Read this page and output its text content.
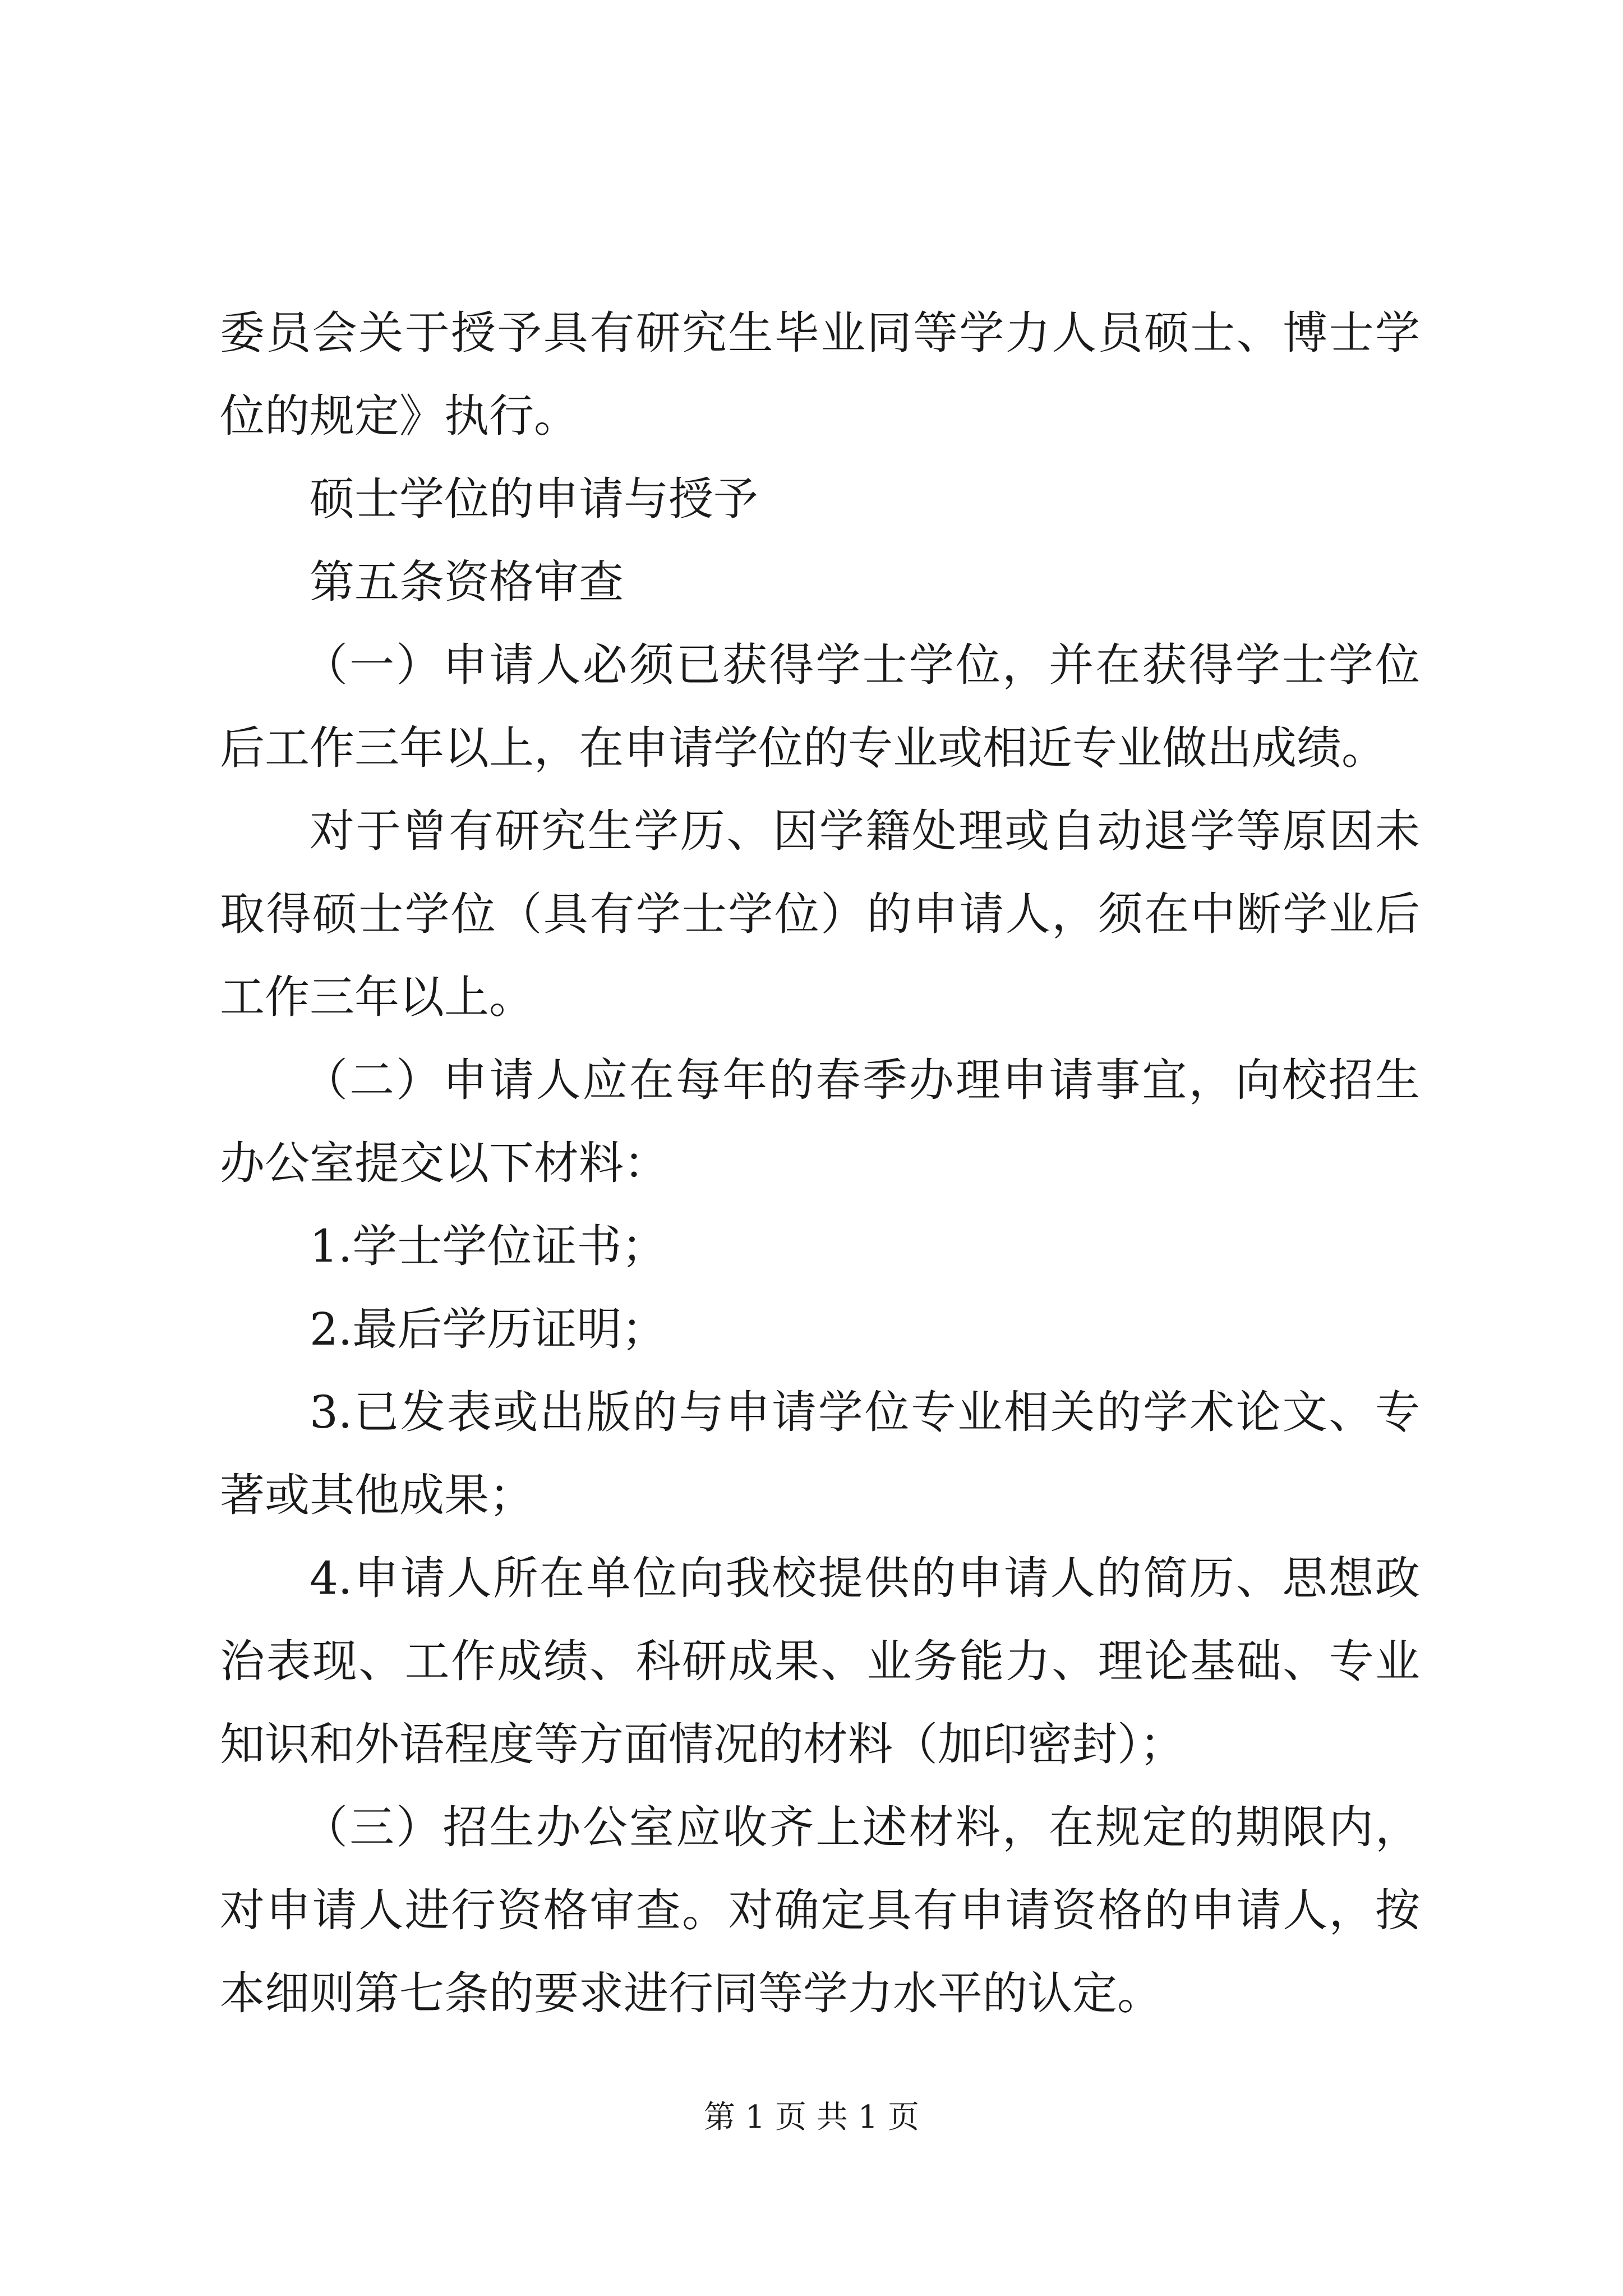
委员会关于授予具有研究生毕业同等学力人员硕士、博士学位的规定》执行。

硕士学位的申请与授予

第五条资格审查

（一）申请人必须已获得学士学位，并在获得学士学位后工作三年以上，在申请学位的专业或相近专业做出成绩。

对于曾有研究生学历、因学籍处理或自动退学等原因未取得硕士学位（具有学士学位）的申请人，须在中断学业后工作三年以上。

（二）申请人应在每年的春季办理申请事宜，向校招生办公室提交以下材料：

1.学士学位证书；

2.最后学历证明；

3.已发表或出版的与申请学位专业相关的学术论文、专著或其他成果；

4.申请人所在单位向我校提供的申请人的简历、思想政治表现、工作成绩、科研成果、业务能力、理论基础、专业知识和外语程度等方面情况的材料（加印密封）；

（三）招生办公室应收齐上述材料，在规定的期限内，对申请人进行资格审查。对确定具有申请资格的申请人，按本细则第七条的要求进行同等学力水平的认定。

第 1 页 共 1 页
